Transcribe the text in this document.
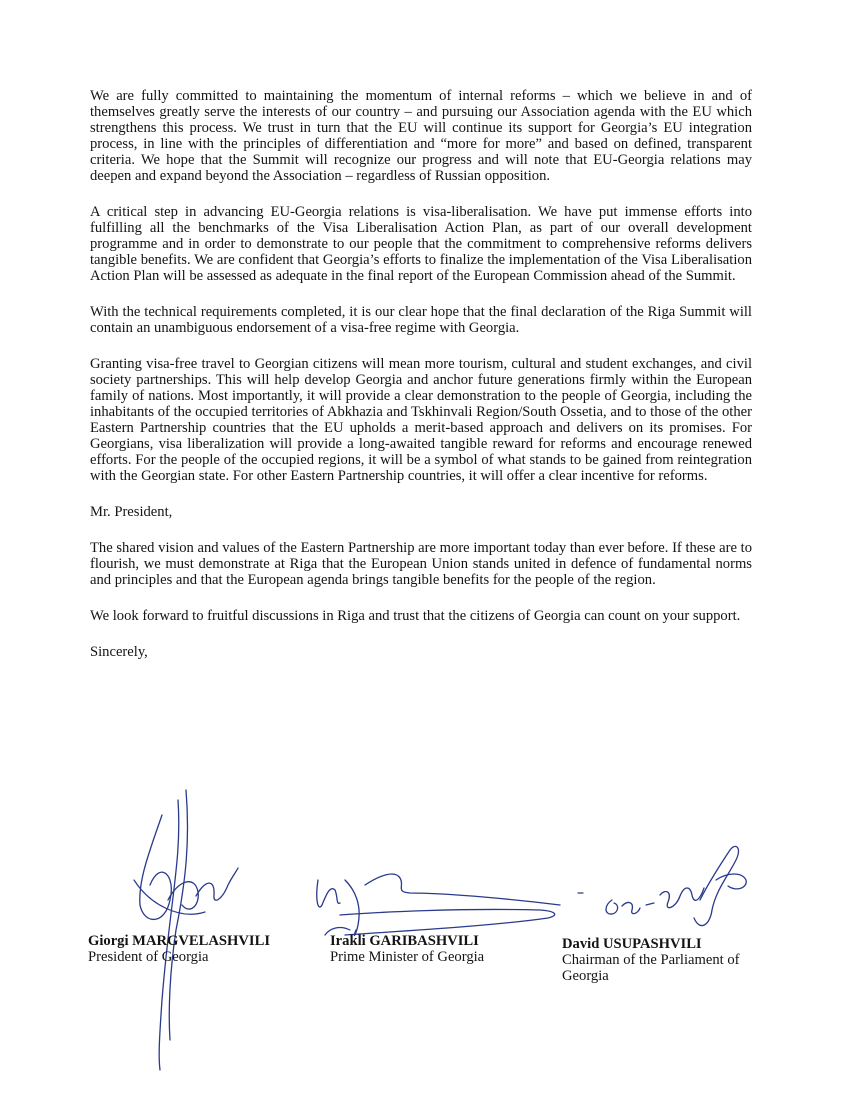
We are fully committed to maintaining the momentum of internal reforms – which we believe in and of themselves greatly serve the interests of our country – and pursuing our Association agenda with the EU which strengthens this process. We trust in turn that the EU will continue its support for Georgia’s EU integration process, in line with the principles of differentiation and “more for more” and based on defined, transparent criteria. We hope that the Summit will recognize our progress and will note that EU-Georgia relations may deepen and expand beyond the Association – regardless of Russian opposition.

A critical step in advancing EU-Georgia relations is visa-liberalisation. We have put immense efforts into fulfilling all the benchmarks of the Visa Liberalisation Action Plan, as part of our overall development programme and in order to demonstrate to our people that the commitment to comprehensive reforms delivers tangible benefits. We are confident that Georgia’s efforts to finalize the implementation of the Visa Liberalisation Action Plan will be assessed as adequate in the final report of the European Commission ahead of the Summit.

With the technical requirements completed, it is our clear hope that the final declaration of the Riga Summit will contain an unambiguous endorsement of a visa-free regime with Georgia.

Granting visa-free travel to Georgian citizens will mean more tourism, cultural and student exchanges, and civil society partnerships. This will help develop Georgia and anchor future generations firmly within the European family of nations. Most importantly, it will provide a clear demonstration to the people of Georgia, including the inhabitants of the occupied territories of Abkhazia and Tskhinvali Region/South Ossetia, and to those of the other Eastern Partnership countries that the EU upholds a merit-based approach and delivers on its promises. For Georgians, visa liberalization will provide a long-awaited tangible reward for reforms and encourage renewed efforts. For the people of the occupied regions, it will be a symbol of what stands to be gained from reintegration with the Georgian state. For other Eastern Partnership countries, it will offer a clear incentive for reforms.

Mr. President,

The shared vision and values of the Eastern Partnership are more important today than ever before. If these are to flourish, we must demonstrate at Riga that the European Union stands united in defence of fundamental norms and principles and that the European agenda brings tangible benefits for the people of the region.

We look forward to fruitful discussions in Riga and trust that the citizens of Georgia can count on your support.

Sincerely,

Giorgi MARGVELASHVILI
President of Georgia
Irakli GARIBASHVILI
Prime Minister of Georgia
David USUPASHVILI
Chairman of the Parliament of Georgia
